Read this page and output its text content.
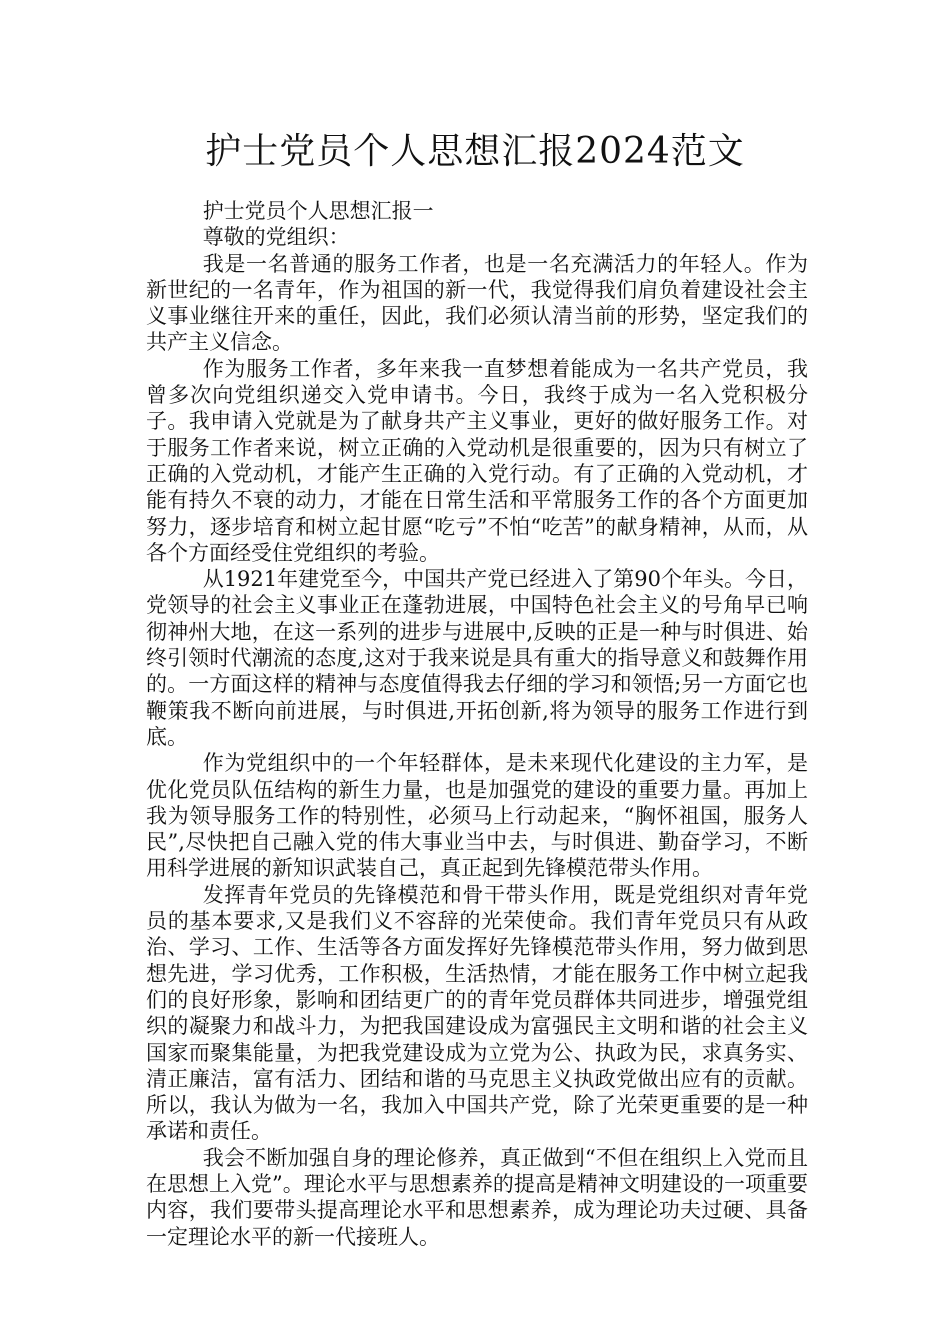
护士党员个人思想汇报2024范文

护士党员个人思想汇报一

尊敬的党组织：

我是一名普通的服务工作者，也是一名充满活力的年轻人。作为新世纪的一名青年，作为祖国的新一代，我觉得我们肩负着建设社会主义事业继往开来的重任，因此，我们必须认清当前的形势，坚定我们的共产主义信念。

作为服务工作者，多年来我一直梦想着能成为一名共产党员，我曾多次向党组织递交入党申请书。今日，我终于成为一名入党积极分子。我申请入党就是为了献身共产主义事业，更好的做好服务工作。对于服务工作者来说，树立正确的入党动机是很重要的，因为只有树立了正确的入党动机，才能产生正确的入党行动。有了正确的入党动机，才能有持久不衰的动力，才能在日常生活和平常服务工作的各个方面更加努力，逐步培育和树立起甘愿“吃亏”不怕“吃苦”的献身精神，从而，从各个方面经受住党组织的考验。

从1921年建党至今，中国共产党已经进入了第90个年头。今日，党领导的社会主义事业正在蓬勃进展，中国特色社会主义的号角早已响彻神州大地，在这一系列的进步与进展中,反映的正是一种与时俱进、始终引领时代潮流的态度,这对于我来说是具有重大的指导意义和鼓舞作用的。一方面这样的精神与态度值得我去仔细的学习和领悟;另一方面它也鞭策我不断向前进展，与时俱进,开拓创新,将为领导的服务工作进行到底。

作为党组织中的一个年轻群体，是未来现代化建设的主力军，是优化党员队伍结构的新生力量，也是加强党的建设的重要力量。再加上我为领导服务工作的特别性，必须马上行动起来，“胸怀祖国，服务人民”,尽快把自己融入党的伟大事业当中去，与时俱进、勤奋学习，不断用科学进展的新知识武装自己，真正起到先锋模范带头作用。

发挥青年党员的先锋模范和骨干带头作用，既是党组织对青年党员的基本要求,又是我们义不容辞的光荣使命。我们青年党员只有从政治、学习、工作、生活等各方面发挥好先锋模范带头作用，努力做到思想先进，学习优秀，工作积极，生活热情，才能在服务工作中树立起我们的良好形象，影响和团结更广的的青年党员群体共同进步，增强党组织的凝聚力和战斗力，为把我国建设成为富强民主文明和谐的社会主义国家而聚集能量，为把我党建设成为立党为公、执政为民，求真务实、清正廉洁，富有活力、团结和谐的马克思主义执政党做出应有的贡献。所以，我认为做为一名，我加入中国共产党，除了光荣更重要的是一种承诺和责任。

我会不断加强自身的理论修养，真正做到“不但在组织上入党而且在思想上入党”。理论水平与思想素养的提高是精神文明建设的一项重要内容，我们要带头提高理论水平和思想素养，成为理论功夫过硬、具备一定理论水平的新一代接班人。
